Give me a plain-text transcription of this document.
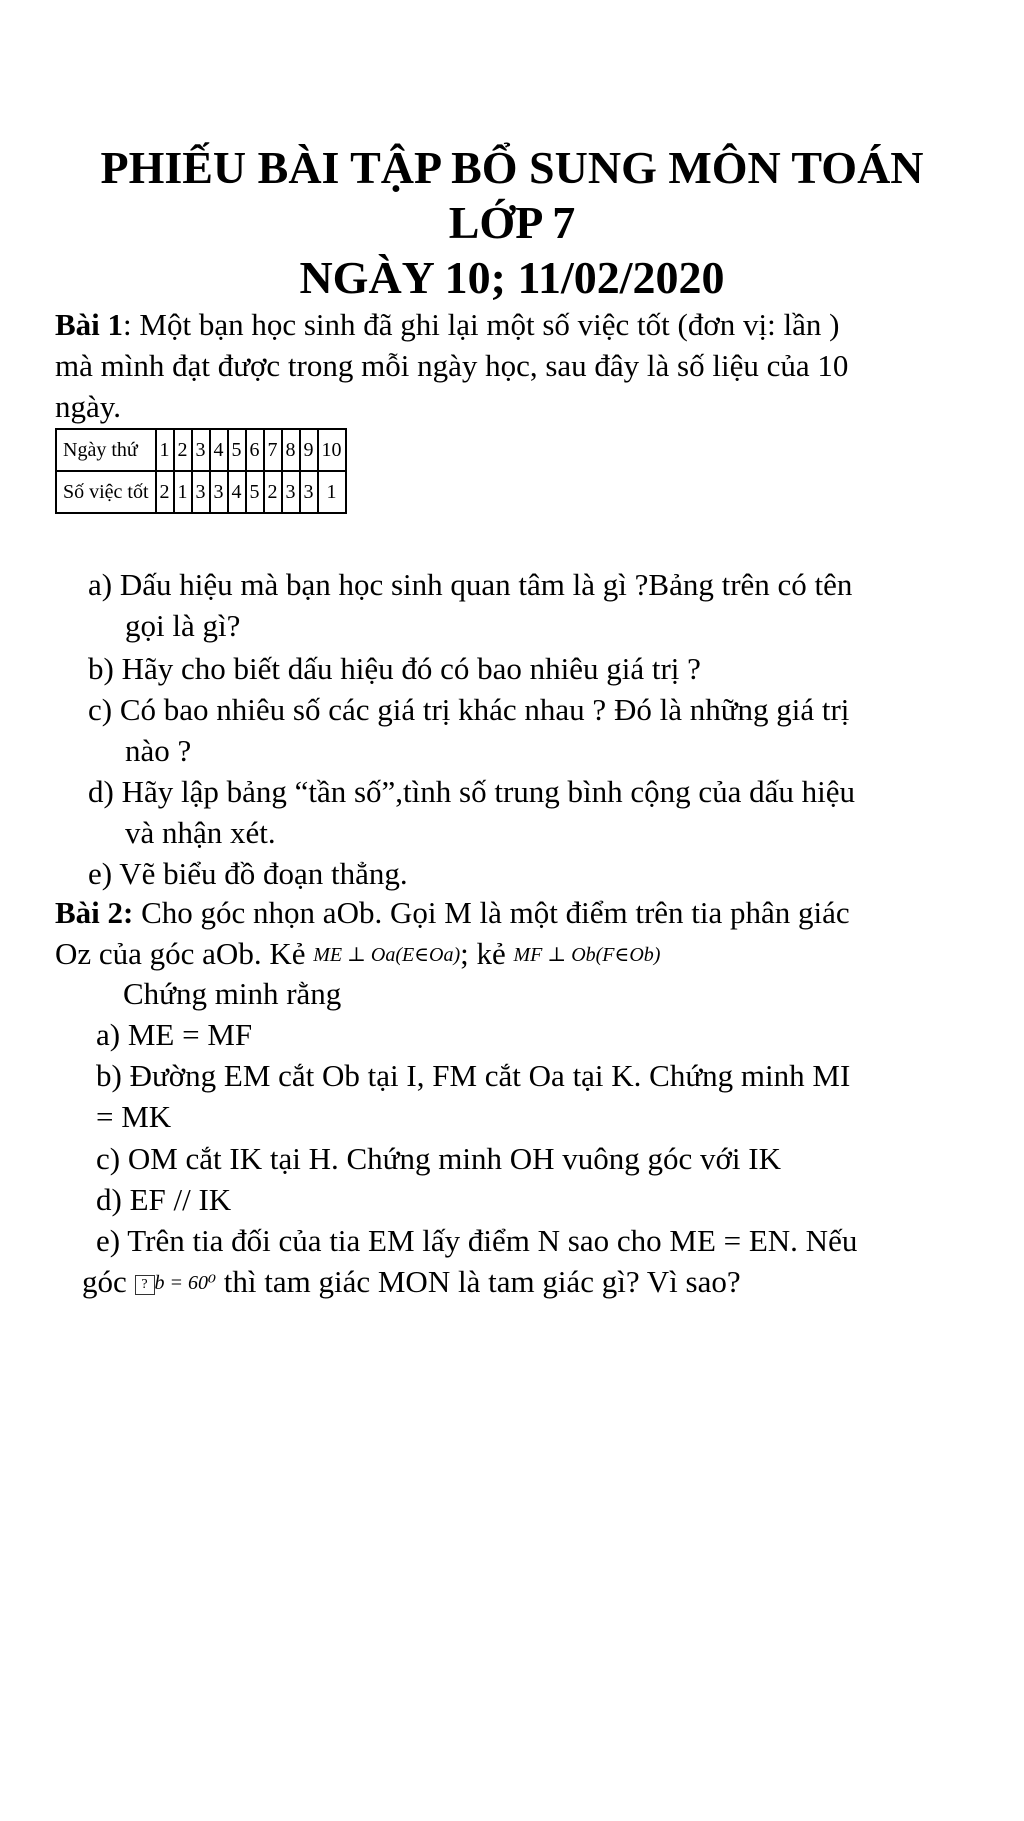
PHIẾU BÀI TẬP BỔ SUNG MÔN TOÁN
LỚP 7
NGÀY 10; 11/02/2020
Bài 1: Một bạn học sinh đã ghi lại một số việc tốt (đơn vị: lần )
mà mình đạt được trong mỗi ngày học, sau đây là số liệu của 10
ngày.
Ngày thứ	1	2	3	4	5	6	7	8	9	10
Số việc tốt	2	1	3	3	4	5	2	3	3	1
a) Dấu hiệu mà bạn học sinh quan tâm là gì ?Bảng trên có tên
gọi là gì?
b) Hãy cho biết dấu hiệu đó có bao nhiêu giá trị ?
c) Có bao nhiêu số các giá trị khác nhau ? Đó là những giá trị
nào ?
d) Hãy lập bảng “tần số”,tình số trung bình cộng của dấu hiệu
và nhận xét.
e) Vẽ biểu đồ đoạn thẳng.
Bài 2: Cho góc nhọn aOb. Gọi M là một điểm trên tia phân giác
Oz của góc aOb. Kẻ ME ⊥ Oa(E∈Oa); kẻ MF ⊥ Ob(F∈Ob)
Chứng minh rằng
a) ME = MF
b) Đường EM cắt Ob tại I, FM cắt Oa tại K. Chứng minh MI
= MK
c) OM cắt IK tại H. Chứng minh OH vuông góc với IK
d) EF // IK
e) Trên tia đối của tia EM lấy điểm N sao cho ME = EN. Nếu
góc ? b = 60⁰ thì tam giác MON là tam giác gì? Vì sao?
